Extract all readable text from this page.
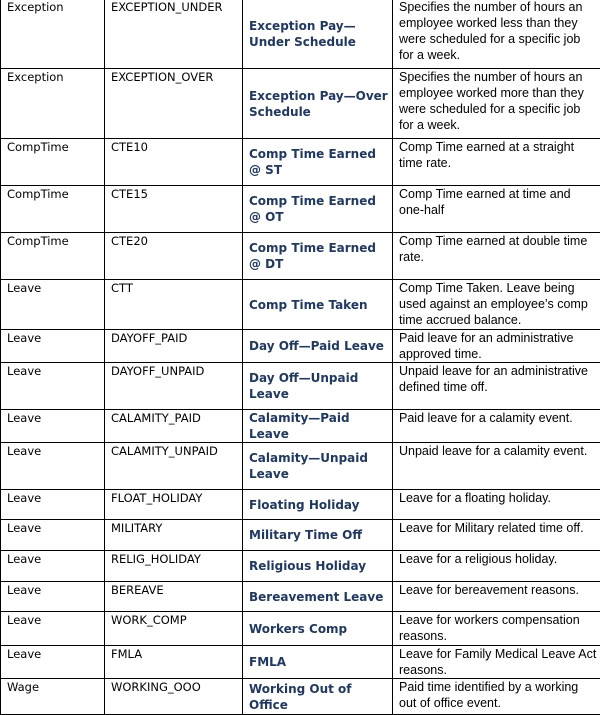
Exception	EXCEPTION_UNDER	Exception Pay—Under Schedule	Specifies the number of hours an employee worked less than they were scheduled for a specific job for a week.
Exception	EXCEPTION_OVER	Exception Pay—Over Schedule	Specifies the number of hours an employee worked more than they were scheduled for a specific job for a week.
CompTime	CTE10	Comp Time Earned @ ST	Comp Time earned at a straight time rate.
CompTime	CTE15	Comp Time Earned @ OT	Comp Time earned at time and one-half
CompTime	CTE20	Comp Time Earned @ DT	Comp Time earned at double time rate.
Leave	CTT	Comp Time Taken	Comp Time Taken. Leave being used against an employee’s comp time accrued balance.
Leave	DAYOFF_PAID	Day Off—Paid Leave	Paid leave for an administrative approved time.
Leave	DAYOFF_UNPAID	Day Off—Unpaid Leave	Unpaid leave for an administrative defined time off.
Leave	CALAMITY_PAID	Calamity—Paid Leave	Paid leave for a calamity event.
Leave	CALAMITY_UNPAID	Calamity—Unpaid Leave	Unpaid leave for a calamity event.
Leave	FLOAT_HOLIDAY	Floating Holiday	Leave for a floating holiday.
Leave	MILITARY	Military Time Off	Leave for Military related time off.
Leave	RELIG_HOLIDAY	Religious Holiday	Leave for a religious holiday.
Leave	BEREAVE	Bereavement Leave	Leave for bereavement reasons.
Leave	WORK_COMP	Workers Comp	Leave for workers compensation reasons.
Leave	FMLA	FMLA	Leave for Family Medical Leave Act reasons.
Wage	WORKING_OOO	Working Out of Office	Paid time identified by a working out of office event.
